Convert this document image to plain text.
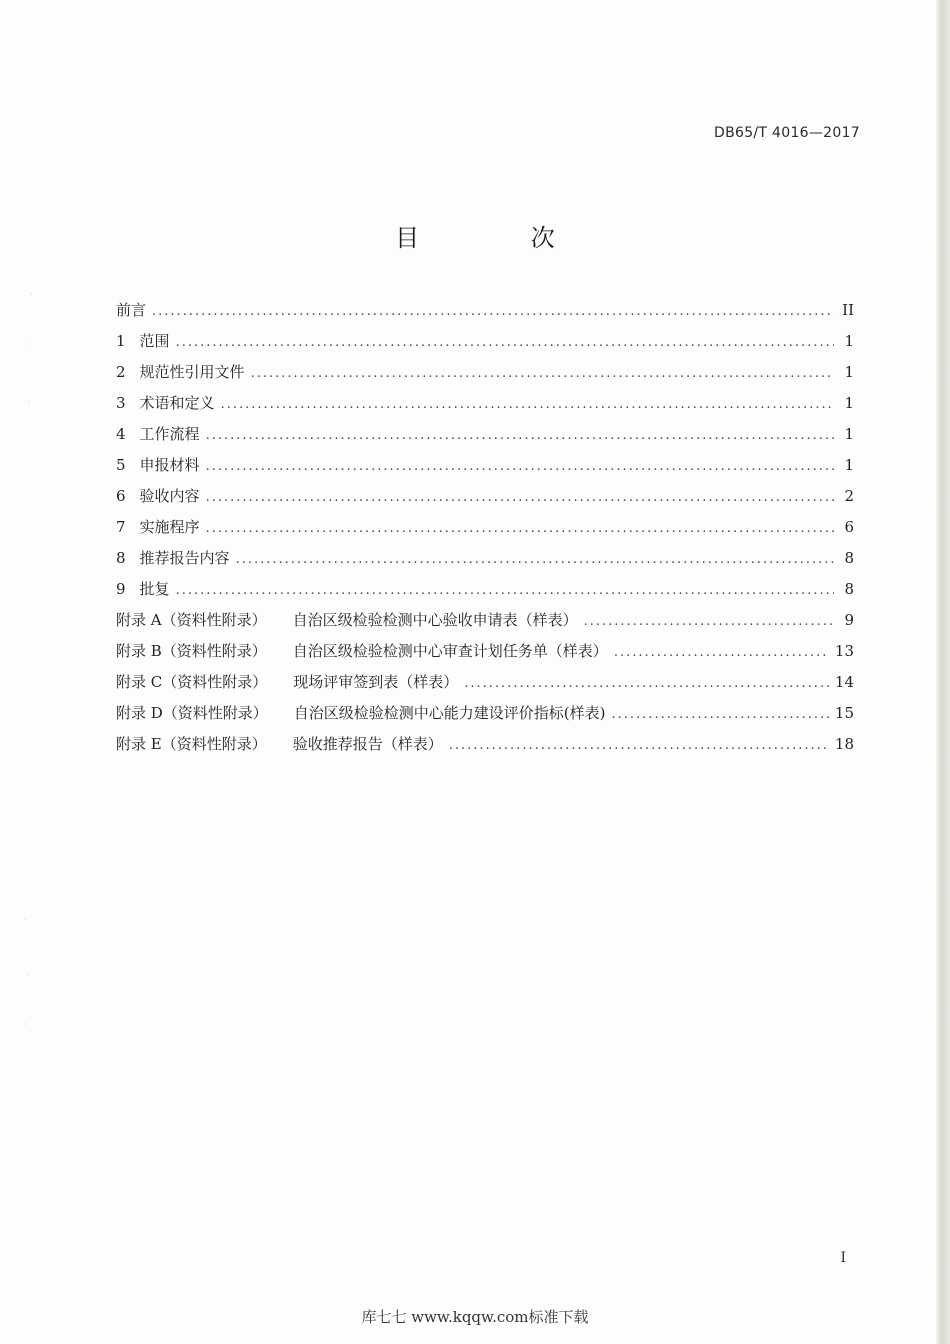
DB65/T 4016—2017
目 次
前言 .....	II
1 范围 .....	1
2 规范性引用文件 .....	1
3 术语和定义 .....	1
4 工作流程 .....	1
5 申报材料 .....	1
6 验收内容 .....	2
7 实施程序 .....	6
8 推荐报告内容 .....	8
9 批复 .....	8
附录 A（资料性附录） 自治区级检验检测中心验收申请表（样表） .....	9
附录 B（资料性附录） 自治区级检验检测中心审查计划任务单（样表） .....	13
附录 C（资料性附录） 现场评审签到表（样表） .....	14
附录 D（资料性附录） 自治区级检验检测中心能力建设评价指标(样表) .....	15
附录 E（资料性附录） 验收推荐报告（样表） .....	18
I
库七七 www.kqqw.com标准下载
·
·
·
·
·
·
